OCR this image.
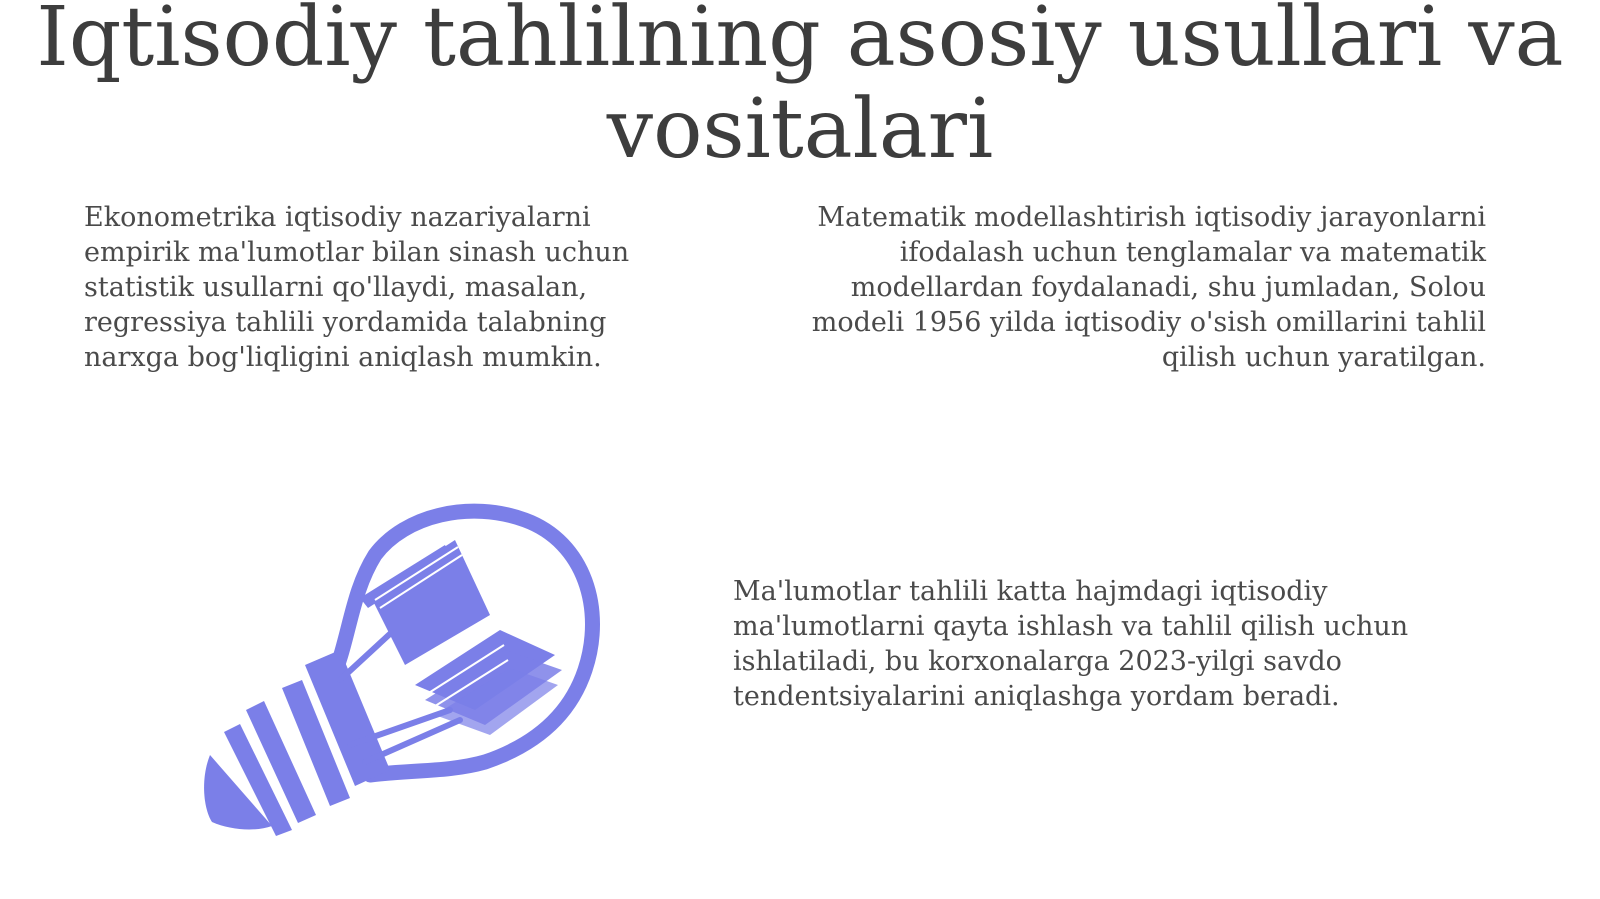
Iqtisodiy tahlilning asosiy usullari va vositalari

Ekonometrika iqtisodiy nazariyalarni empirik ma'lumotlar bilan sinash uchun statistik usullarni qo'llaydi, masalan, regressiya tahlili yordamida talabning narxga bog'liqligini aniqlash mumkin.

Matematik modellashtirish iqtisodiy jarayonlarni ifodalash uchun tenglamalar va matematik modellardan foydalanadi, shu jumladan, Solou modeli 1956 yilda iqtisodiy o'sish omillarini tahlil qilish uchun yaratilgan.

Ma'lumotlar tahlili katta hajmdagi iqtisodiy ma'lumotlarni qayta ishlash va tahlil qilish uchun ishlatiladi, bu korxonalarga 2023-yilgi savdo tendentsiyalarini aniqlashga yordam beradi.
